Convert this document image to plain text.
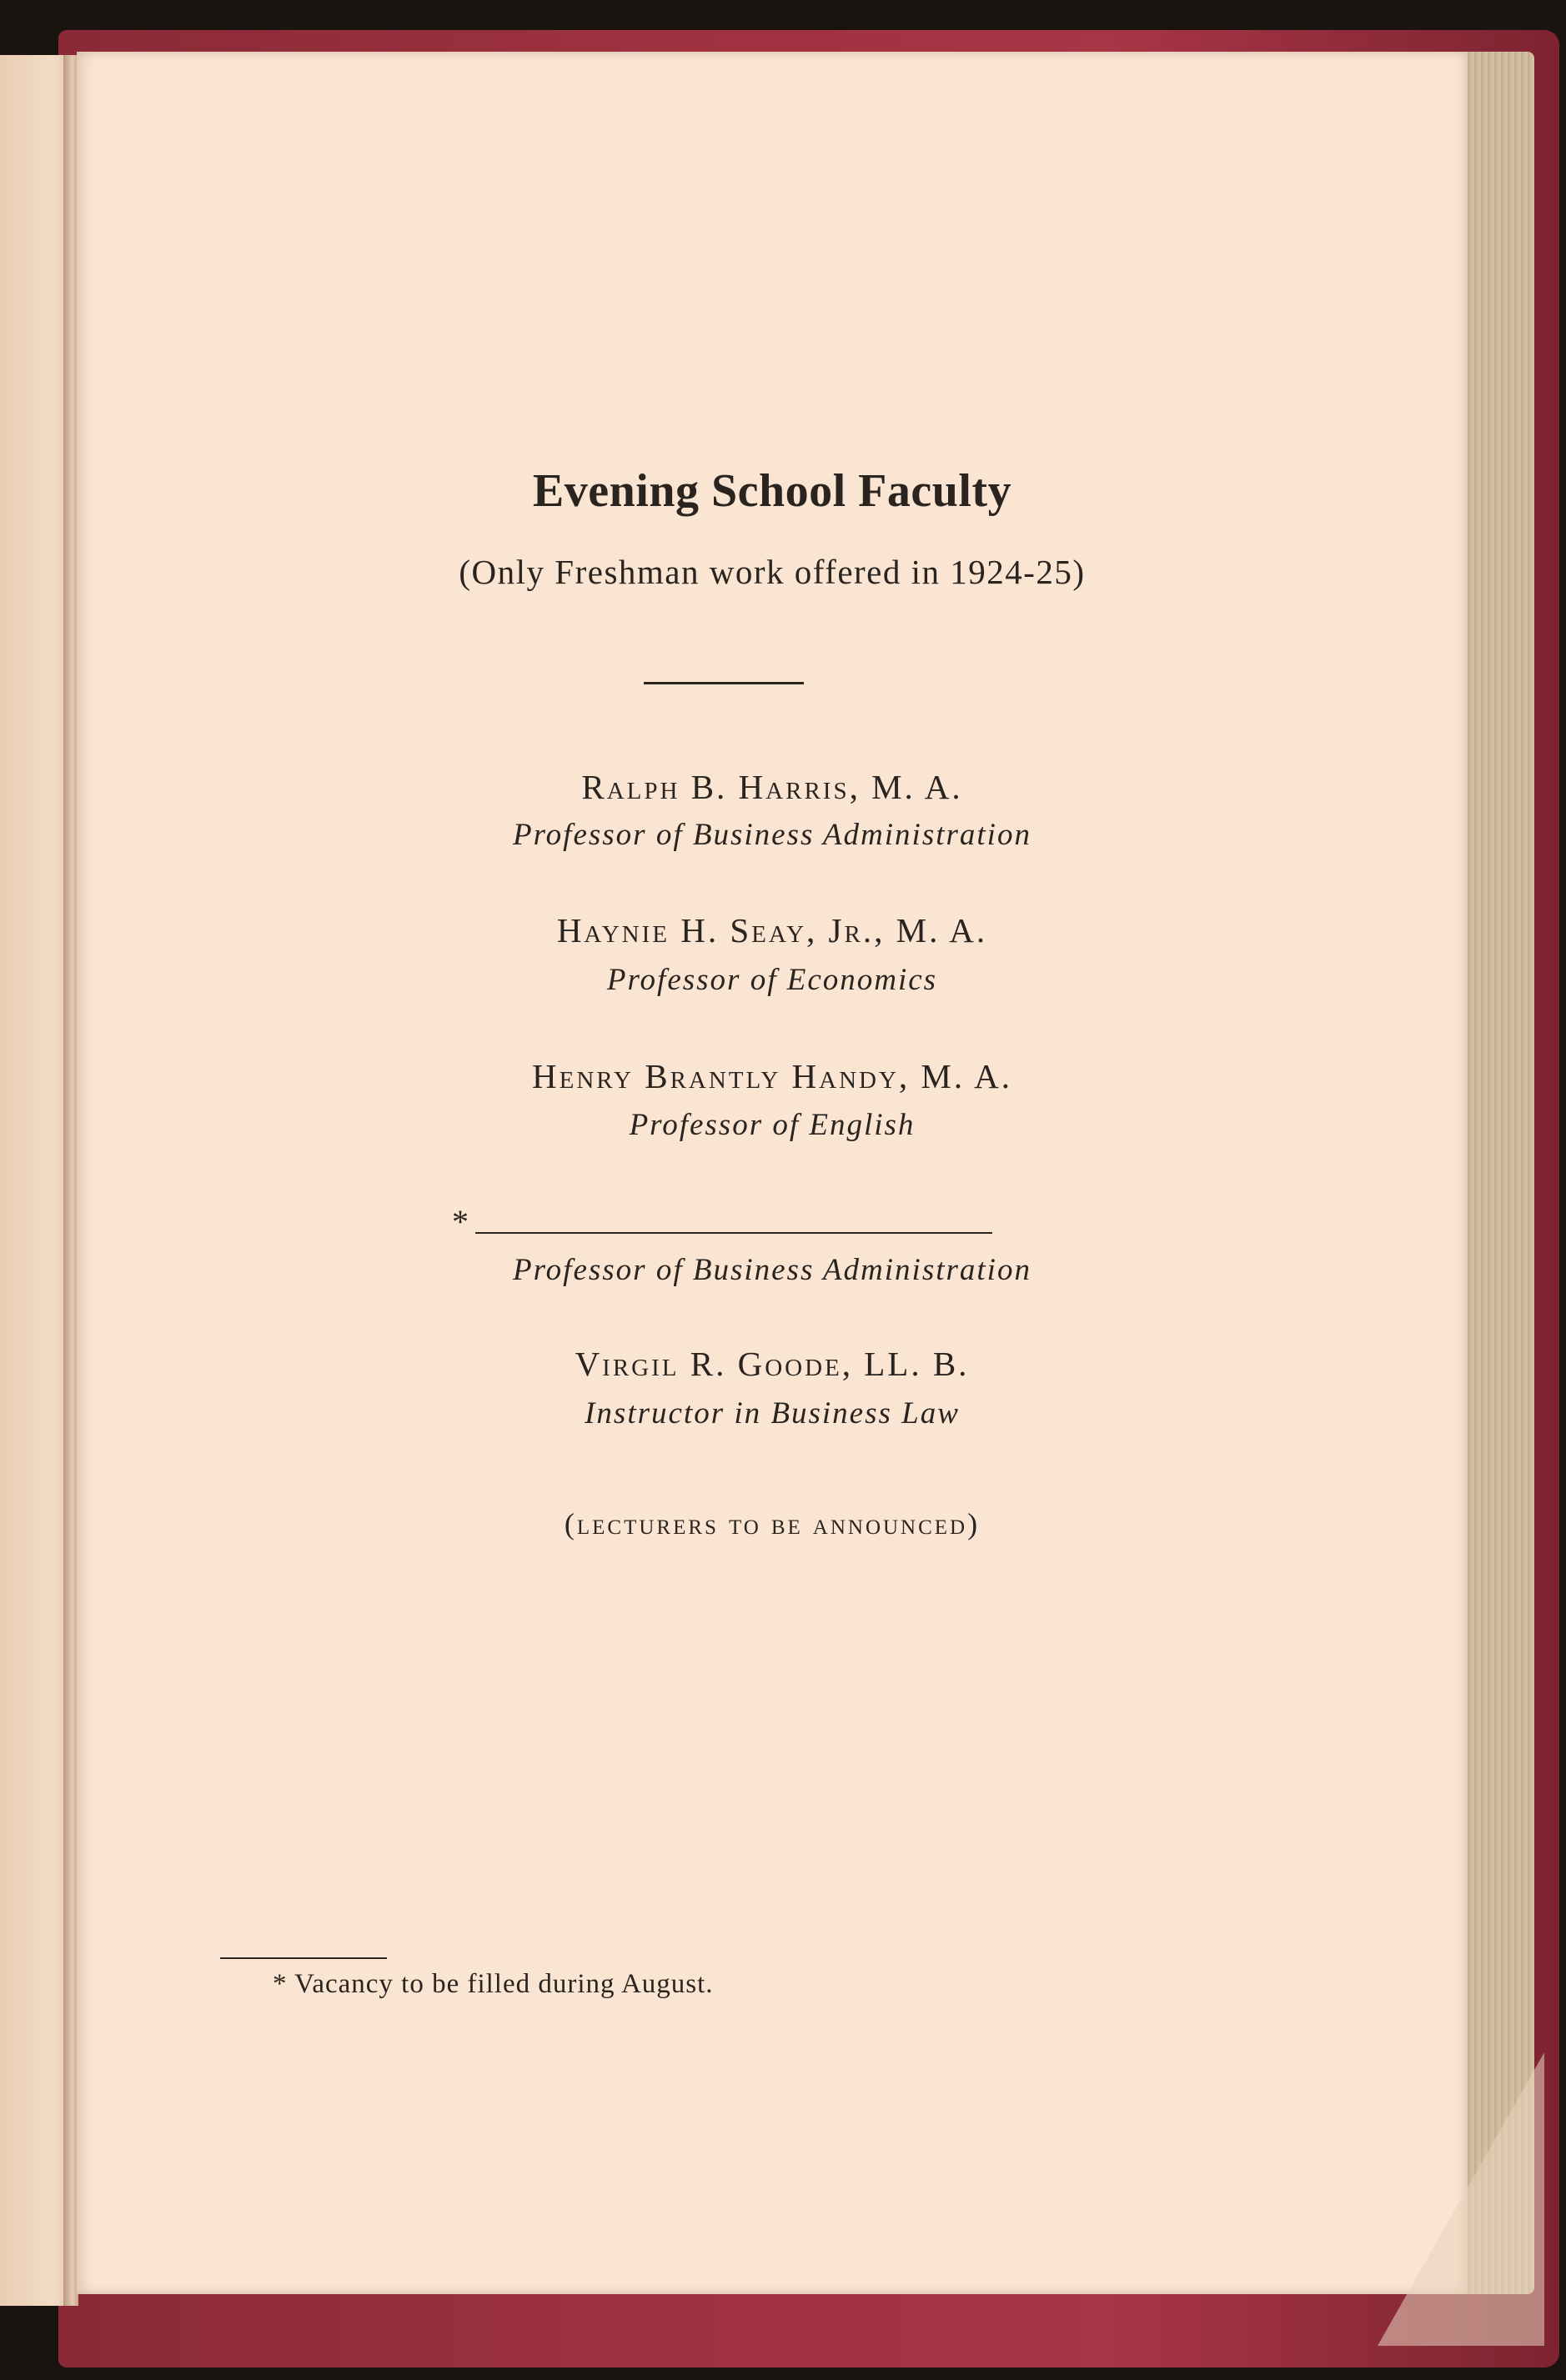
Evening School Faculty
(Only Freshman work offered in 1924-25)
Ralph B. Harris, M. A.
Professor of Business Administration
Haynie H. Seay, Jr., M. A.
Professor of Economics
Henry Brantly Handy, M. A.
Professor of English
*
Professor of Business Administration
Virgil R. Goode, LL. B.
Instructor in Business Law
(lecturers to be announced)
* Vacancy to be filled during August.
